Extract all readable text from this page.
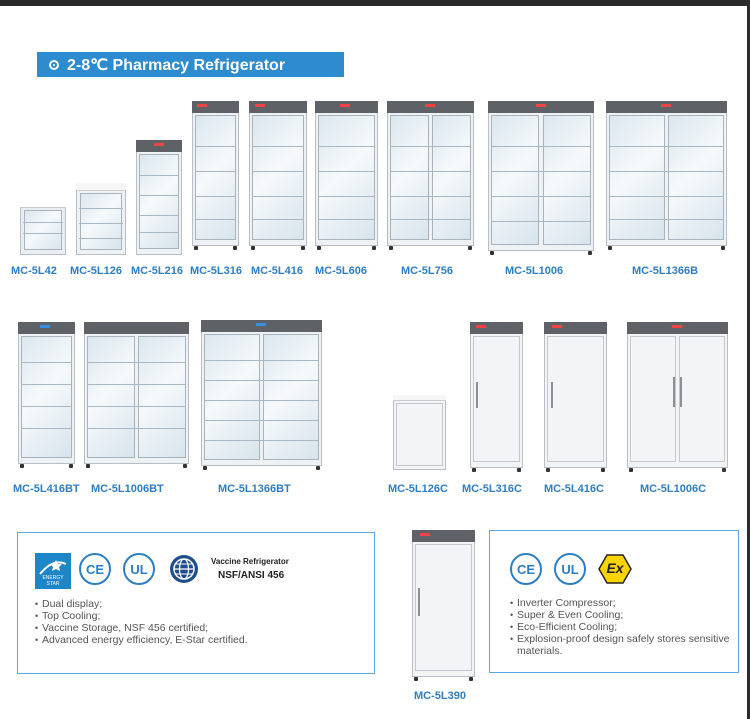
2-8℃ Pharmacy Refrigerator
MC-5L42 MC-5L126 MC-5L216 MC-5L316 MC-5L416 MC-5L606	MC-5L756	MC-5L1006	MC-5L1366B
MC-5L416BT MC-5L1006BT	MC-5L1366BT	MC-5L126C MC-5L316C MC-5L416C	MC-5L1006C
ENERGY STAR
CE UL	Vaccine Refrigerator
NSF/ANSI 456
• Dual display;
• Top Cooling;
• Vaccine Storage, NSF 456 certified;
• Advanced energy efficiency, E-Star certified.
MC-5L390
CE UL	Ex
• Inverter Compressor;
• Super & Even Cooling;
• Eco-Efficient Cooling;
• Explosion-proof design safely stores sensitive materials.
